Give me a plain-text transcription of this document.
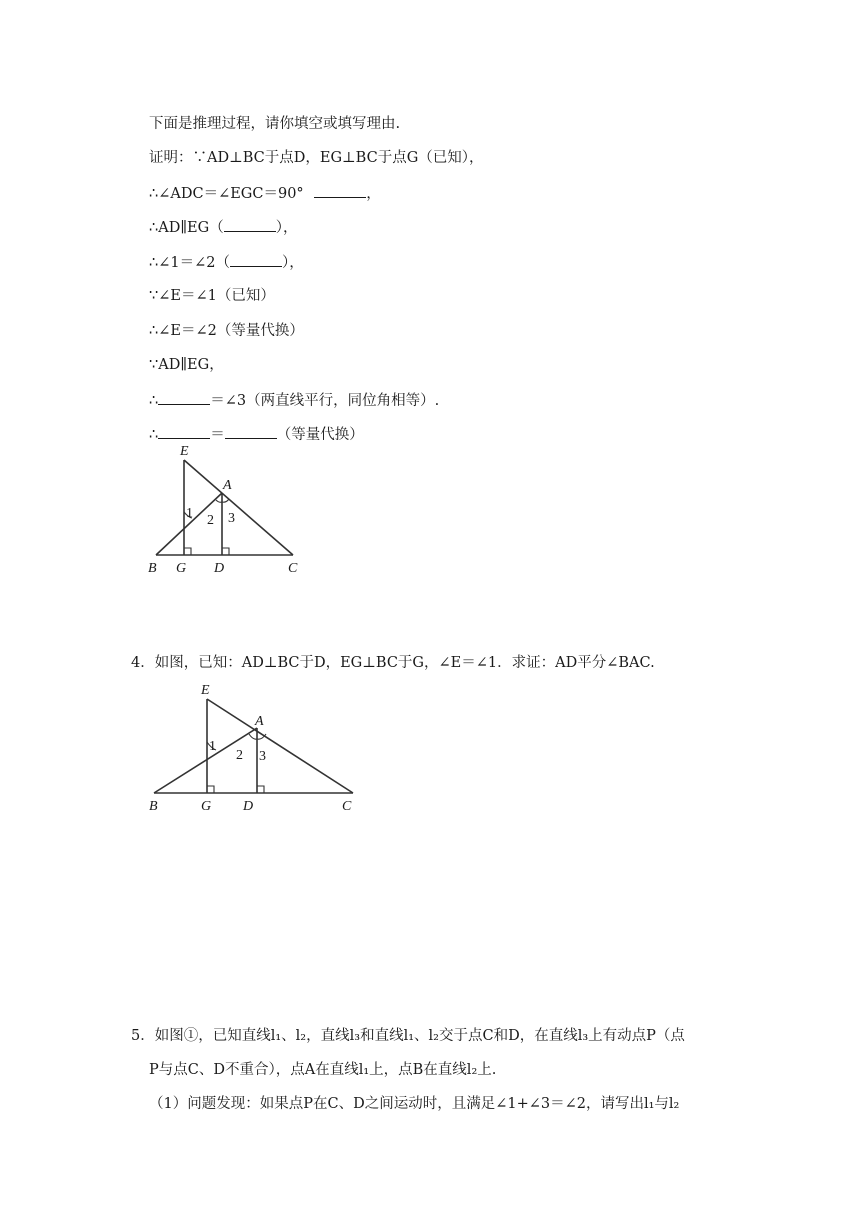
下面是推理过程，请你填空或填写理由.
证明：∵AD⊥BC于点D，EG⊥BC于点G（已知），
∴∠ADC＝∠EGC＝90°	，
∴AD∥EG（	），
∴∠1＝∠2（	），
∵∠E＝∠1（已知）
∴∠E＝∠2（等量代换）
∵AD∥EG，
∴	＝∠3（两直线平行，同位角相等）.
∴	＝	（等量代换）
E
A
B G D	C
1 2 3
4．如图，已知：AD⊥BC于D，EG⊥BC于G，∠E＝∠1．求证：AD平分∠BAC.
E
A
B	G D	C
1
2 3
5．如图①，已知直线l₁、l₂，直线l₃和直线l₁、l₂交于点C和D，在直线l₃上有动点P（点
P与点C、D不重合），点A在直线l₁上，点B在直线l₂上.
（1）问题发现：如果点P在C、D之间运动时，且满足∠1+∠3＝∠2，请写出l₁与l₂
